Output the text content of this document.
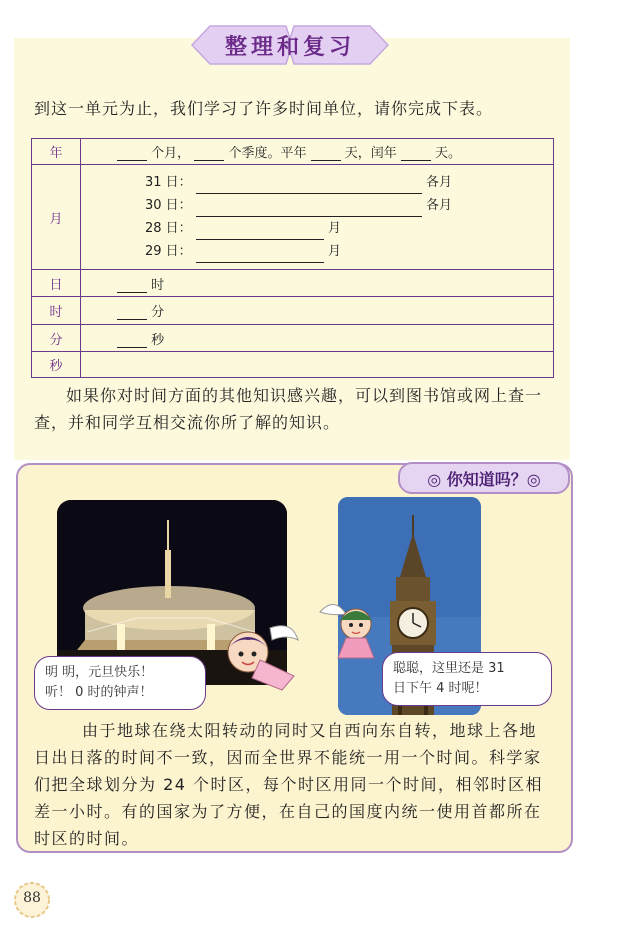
整理和复习
到这一单元为止，我们学习了许多时间单位，请你完成下表。
年	个月， 个季度。平年 天，闰年 天。
月	31 日： 各月
30 日： 各月
28 日： 月
29 日： 月

日	时
时	分
分	秒
秒	
如果你对时间方面的其他知识感兴趣，可以到图书馆或网上查一查，并和同学互相交流你所了解的知识。
◎ 你知道吗？◎
明 明，元旦快乐！
听！ 0 时的钟声！
聪聪，这里还是 31
日下午 4 时呢！
由于地球在绕太阳转动的同时又自西向东自转，地球上各地日出日落的时间不一致，因而全世界不能统一用一个时间。科学家们把全球划分为 24 个时区，每个时区用同一个时间，相邻时区相差一小时。有的国家为了方便，在自己的国度内统一使用首都所在时区的时间。
88
